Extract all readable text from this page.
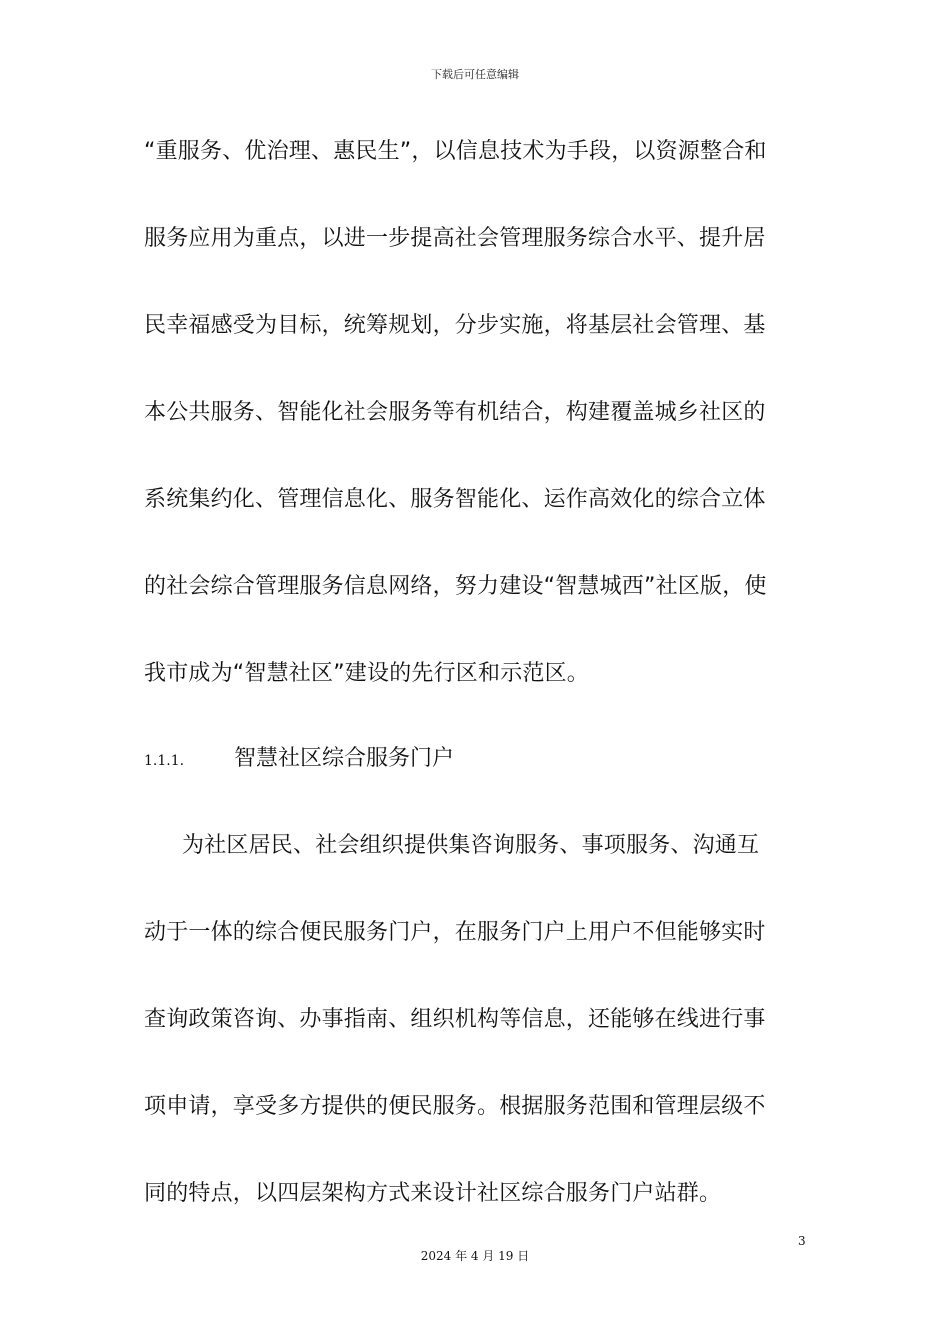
下载后可任意编辑
“重服务、优治理、惠民生”，以信息技术为手段，以资源整合和
服务应用为重点，以进一步提高社会管理服务综合水平、提升居
民幸福感受为目标，统筹规划，分步实施，将基层社会管理、基
本公共服务、智能化社会服务等有机结合，构建覆盖城乡社区的
系统集约化、管理信息化、服务智能化、运作高效化的综合立体
的社会综合管理服务信息网络，努力建设“智慧城西”社区版，使
我市成为“智慧社区”建设的先行区和示范区。
1.1.1. 智慧社区综合服务门户
为社区居民、社会组织提供集咨询服务、事项服务、沟通互
动于一体的综合便民服务门户，在服务门户上用户不但能够实时
查询政策咨询、办事指南、组织机构等信息，还能够在线进行事
项申请，享受多方提供的便民服务。根据服务范围和管理层级不
同的特点，以四层架构方式来设计社区综合服务门户站群。
3
2024 年 4 月 19 日
